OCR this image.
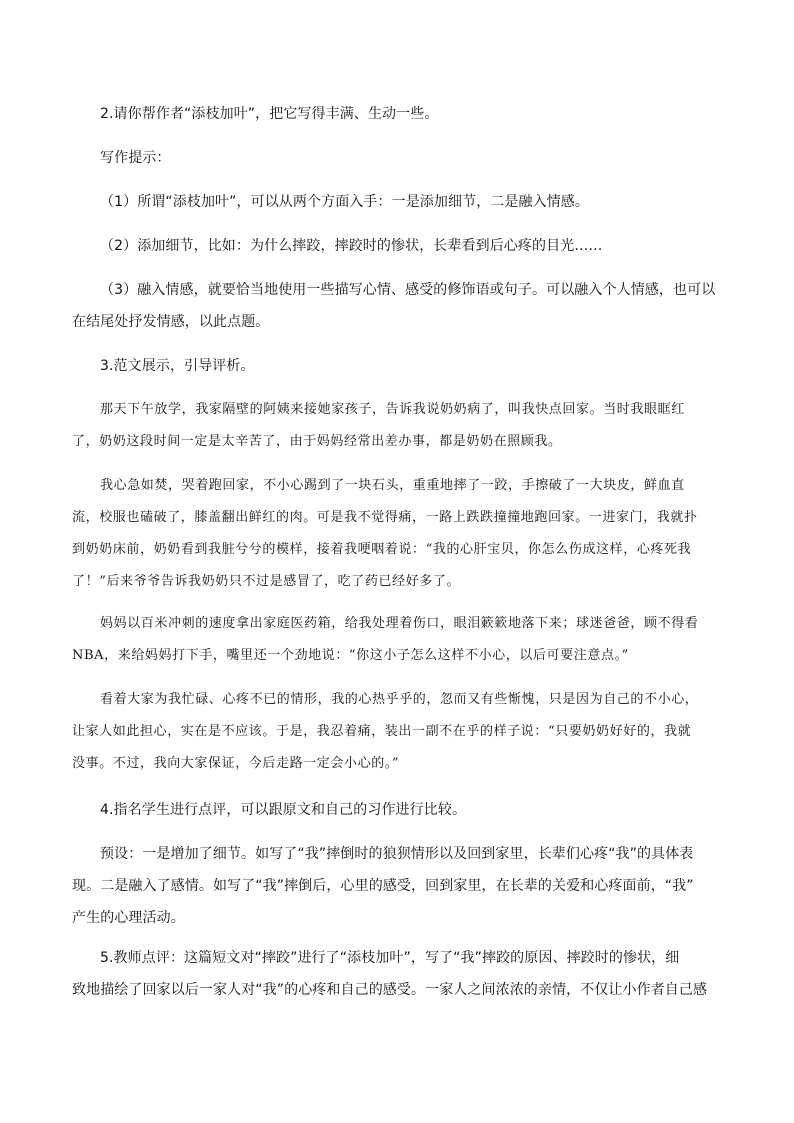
2.请你帮作者“添枝加叶”，把它写得丰满、生动一些。

写作提示：

（1）所谓“添枝加叶”，可以从两个方面入手：一是添加细节，二是融入情感。

（2）添加细节，比如：为什么摔跤，摔跤时的惨状，长辈看到后心疼的目光……

（3）融入情感，就要恰当地使用一些描写心情、感受的修饰语或句子。可以融入个人情感，也可以
在结尾处抒发情感，以此点题。

3.范文展示，引导评析。

那天下午放学，我家隔壁的阿姨来接她家孩子，告诉我说奶奶病了，叫我快点回家。当时我眼眶红
了，奶奶这段时间一定是太辛苦了，由于妈妈经常出差办事，都是奶奶在照顾我。
我心急如焚，哭着跑回家，不小心踢到了一块石头，重重地摔了一跤，手擦破了一大块皮，鲜血直
流，校服也磕破了，膝盖翻出鲜红的肉。可是我不觉得痛，一路上跌跌撞撞地跑回家。一进家门，我就扑
到奶奶床前，奶奶看到我脏兮兮的模样，接着我哽咽着说：“我的心肝宝贝，你怎么伤成这样，心疼死我
了！”后来爷爷告诉我奶奶只不过是感冒了，吃了药已经好多了。
妈妈以百米冲刺的速度拿出家庭医药箱，给我处理着伤口，眼泪簌簌地落下来；球迷爸爸，顾不得看
NBA，来给妈妈打下手，嘴里还一个劲地说：“你这小子怎么这样不小心，以后可要注意点。”
看着大家为我忙碌、心疼不已的情形，我的心热乎乎的，忽而又有些惭愧，只是因为自己的不小心，
让家人如此担心，实在是不应该。于是，我忍着痛，装出一副不在乎的样子说：“只要奶奶好好的，我就
没事。不过，我向大家保证，今后走路一定会小心的。”

4.指名学生进行点评，可以跟原文和自己的习作进行比较。

预设：一是增加了细节。如写了“我”摔倒时的狼狈情形以及回到家里，长辈们心疼“我”的具体表
现。二是融入了感情。如写了“我”摔倒后，心里的感受，回到家里，在长辈的关爱和心疼面前，“我”
产生的心理活动。
5.教师点评：这篇短文对“摔跤”进行了“添枝加叶”，写了“我”摔跤的原因、摔跤时的惨状，细
致地描绘了回家以后一家人对“我”的心疼和自己的感受。一家人之间浓浓的亲情，不仅让小作者自己感
